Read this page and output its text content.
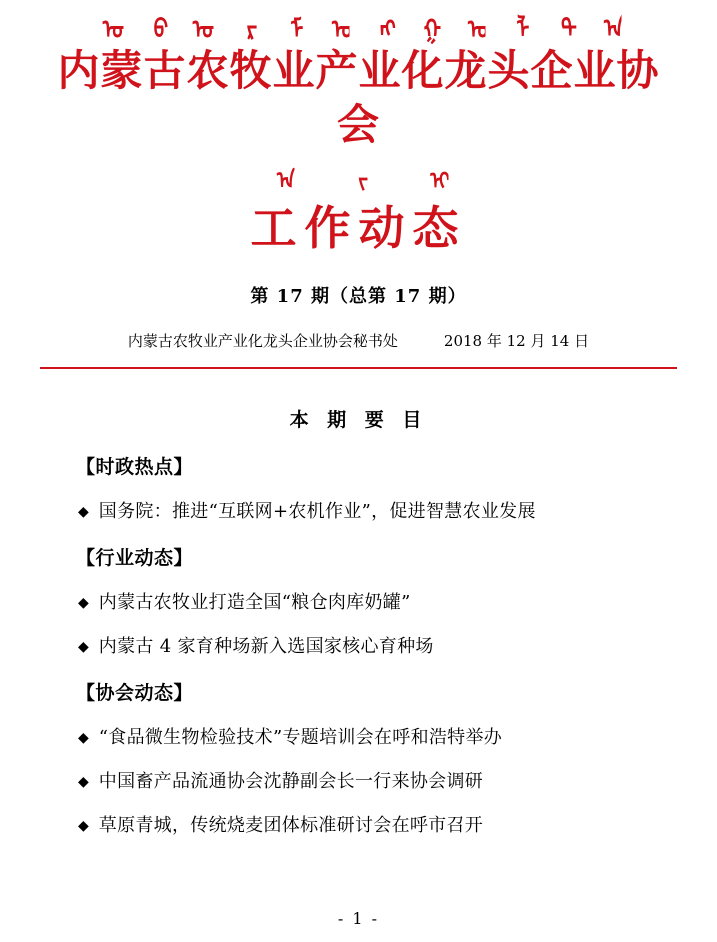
ᠦ ᠪ ᠥ ᠷ ᠮ ᠣ ᠩ ᠭ ᠤ ᠯ ᠲ ᠠ
内蒙古农牧业产业化龙头企业协会
ᠠ ᠵ ᠢ
工作动态
第 17 期（总第 17 期）
内蒙古农牧业产业化龙头企业协会秘书处	2018 年 12 月 14 日
本 期 要 目
【时政热点】
◆ 国务院：推进“互联网+农机作业”，促进智慧农业发展
【行业动态】
◆ 内蒙古农牧业打造全国“粮仓肉库奶罐”
◆ 内蒙古 4 家育种场新入选国家核心育种场
【协会动态】
◆ “食品微生物检验技术”专题培训会在呼和浩特举办
◆ 中国畜产品流通协会沈静副会长一行来协会调研
◆ 草原青城，传统烧麦团体标准研讨会在呼市召开
- 1 -
